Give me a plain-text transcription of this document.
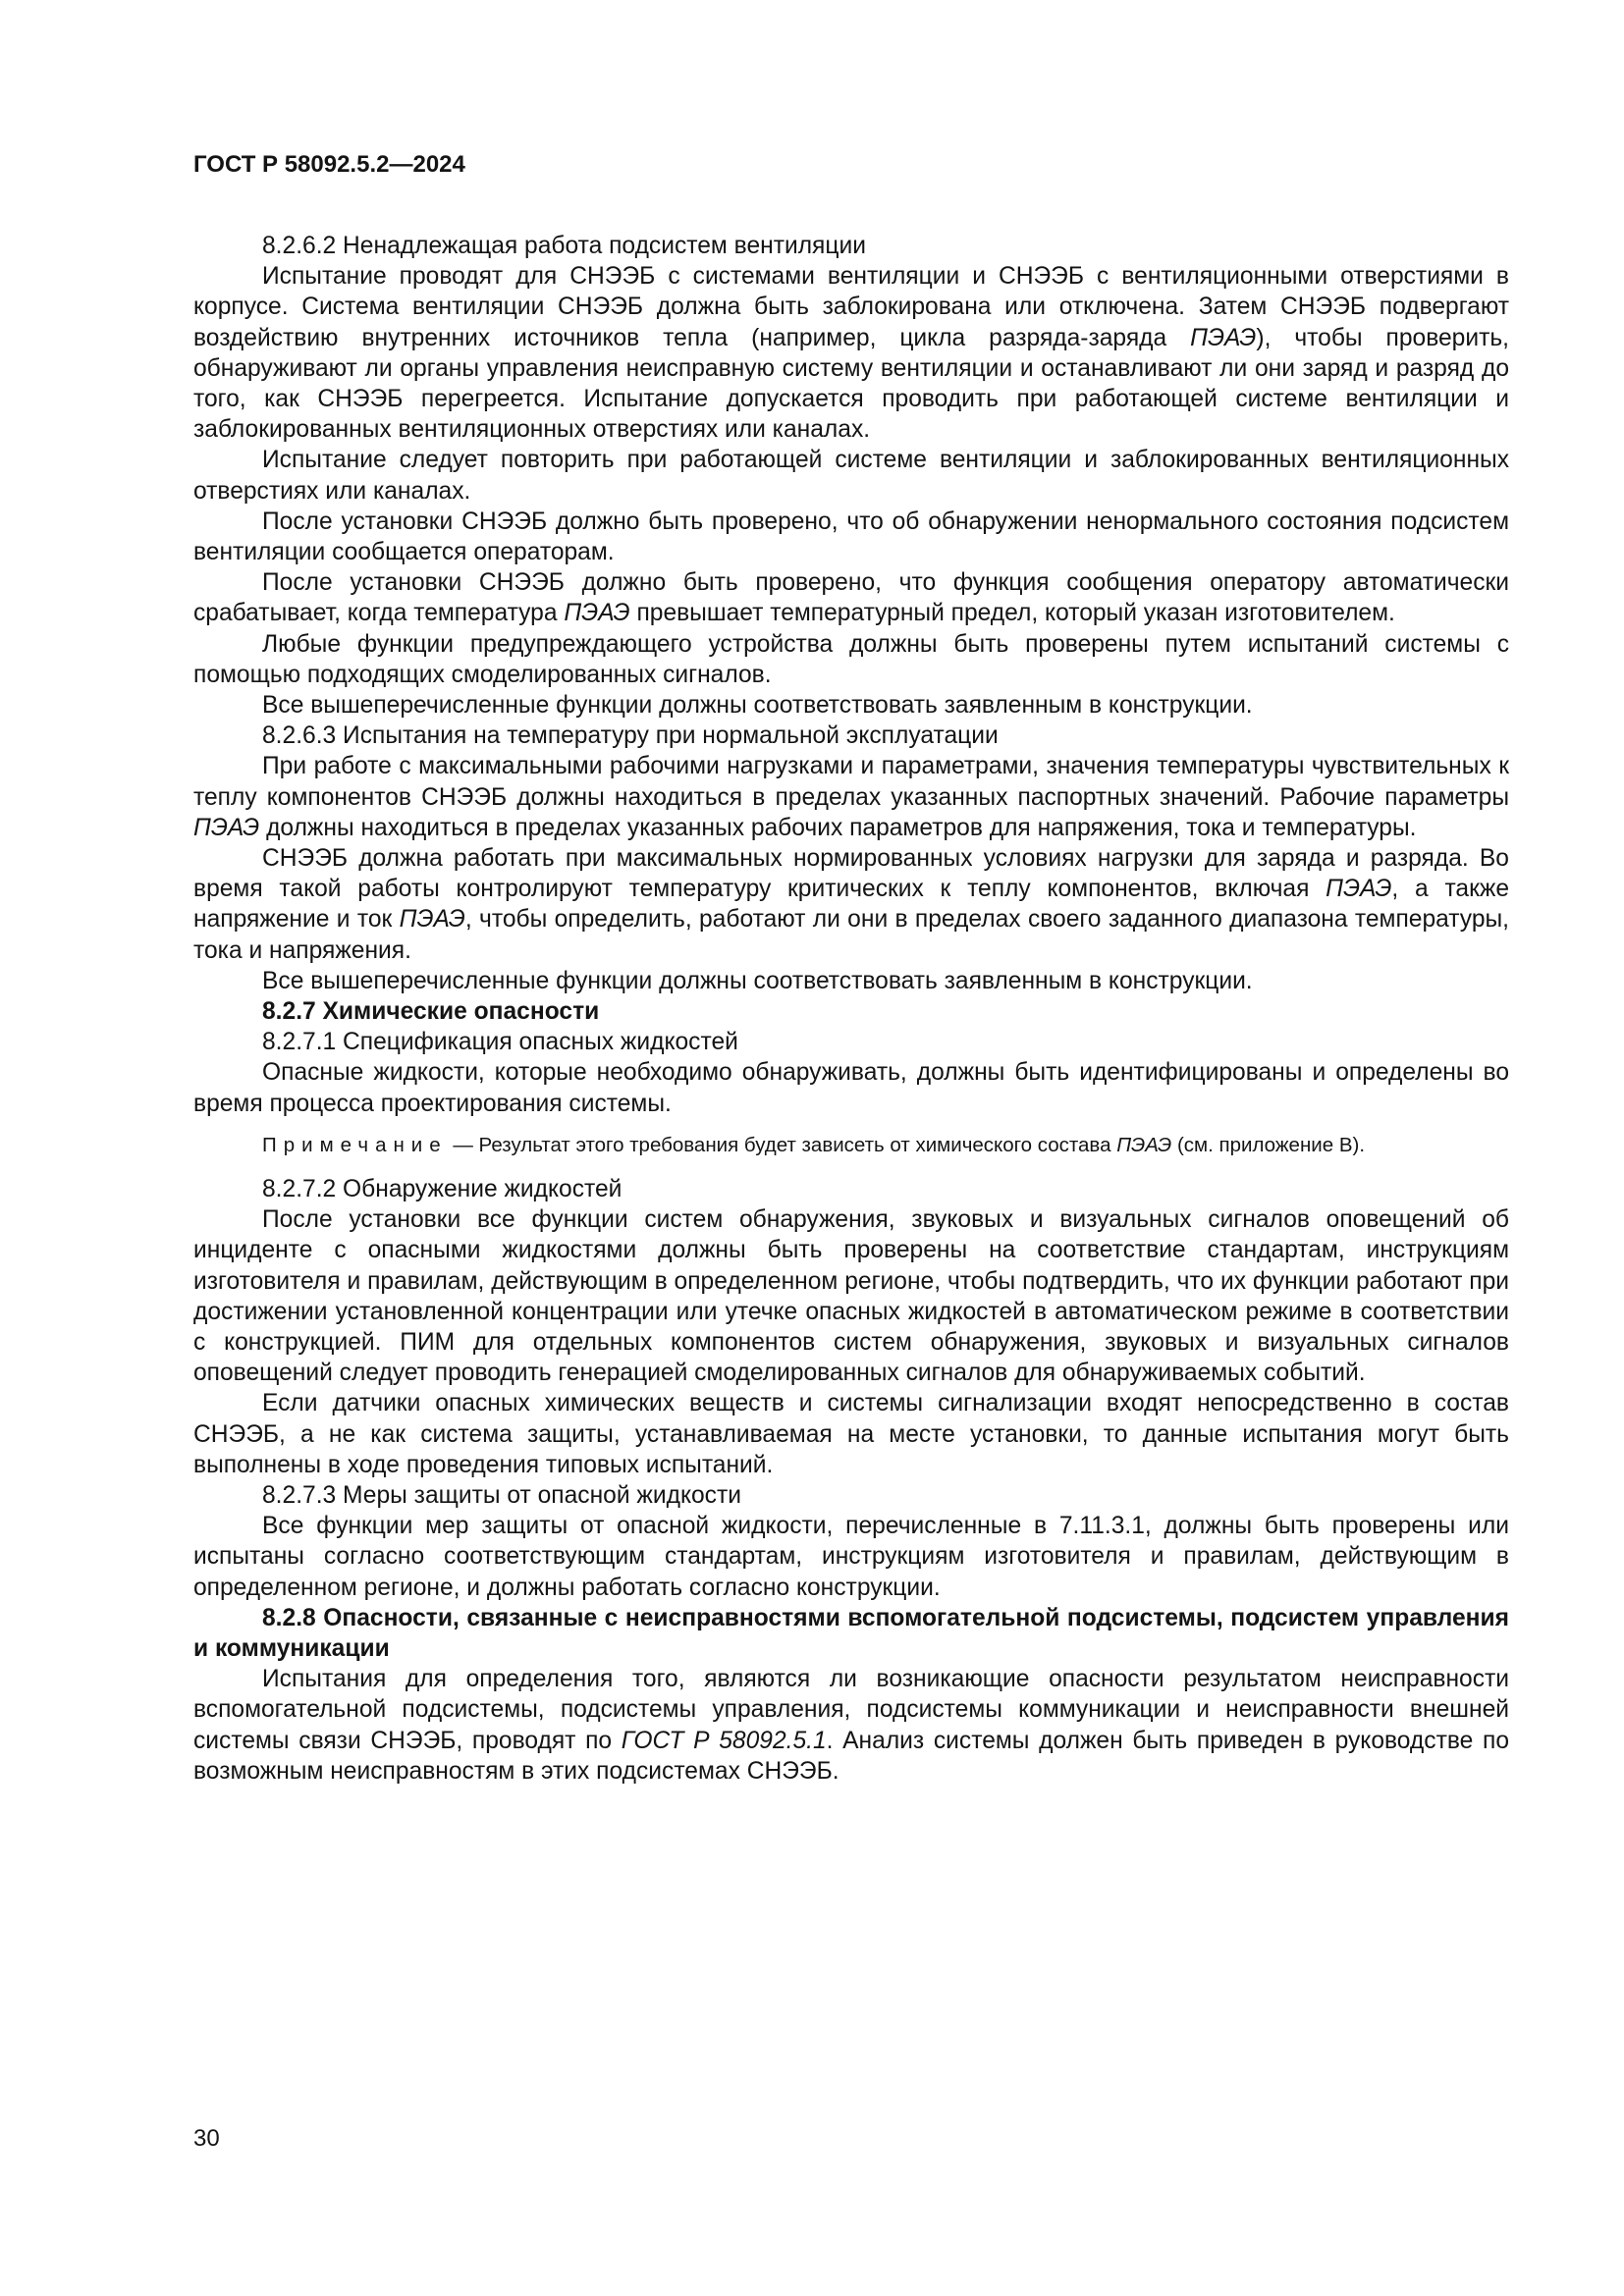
ГОСТ Р 58092.5.2—2024

8.2.6.2 Ненадлежащая работа подсистем вентиляции

Испытание проводят для СНЭЭБ с системами вентиляции и СНЭЭБ с вентиляционными отверстиями в корпусе. Система вентиляции СНЭЭБ должна быть заблокирована или отключена. Затем СНЭЭБ подвергают воздействию внутренних источников тепла (например, цикла разряда-заряда ПЭАЭ), чтобы проверить, обнаруживают ли органы управления неисправную систему вентиляции и останавливают ли они заряд и разряд до того, как СНЭЭБ перегреется. Испытание допускается проводить при работающей системе вентиляции и заблокированных вентиляционных отверстиях или каналах.

Испытание следует повторить при работающей системе вентиляции и заблокированных вентиляционных отверстиях или каналах.

После установки СНЭЭБ должно быть проверено, что об обнаружении ненормального состояния подсистем вентиляции сообщается операторам.

После установки СНЭЭБ должно быть проверено, что функция сообщения оператору автоматически срабатывает, когда температура ПЭАЭ превышает температурный предел, который указан изготовителем.

Любые функции предупреждающего устройства должны быть проверены путем испытаний системы с помощью подходящих смоделированных сигналов.

Все вышеперечисленные функции должны соответствовать заявленным в конструкции.

8.2.6.3 Испытания на температуру при нормальной эксплуатации

При работе с максимальными рабочими нагрузками и параметрами, значения температуры чувствительных к теплу компонентов СНЭЭБ должны находиться в пределах указанных паспортных значений. Рабочие параметры ПЭАЭ должны находиться в пределах указанных рабочих параметров для напряжения, тока и температуры.

СНЭЭБ должна работать при максимальных нормированных условиях нагрузки для заряда и разряда. Во время такой работы контролируют температуру критических к теплу компонентов, включая ПЭАЭ, а также напряжение и ток ПЭАЭ, чтобы определить, работают ли они в пределах своего заданного диапазона температуры, тока и напряжения.

Все вышеперечисленные функции должны соответствовать заявленным в конструкции.

8.2.7 Химические опасности

8.2.7.1 Спецификация опасных жидкостей

Опасные жидкости, которые необходимо обнаруживать, должны быть идентифицированы и определены во время процесса проектирования системы.

Примечание — Результат этого требования будет зависеть от химического состава ПЭАЭ (см. приложение В).

8.2.7.2 Обнаружение жидкостей

После установки все функции систем обнаружения, звуковых и визуальных сигналов оповещений об инциденте с опасными жидкостями должны быть проверены на соответствие стандартам, инструкциям изготовителя и правилам, действующим в определенном регионе, чтобы подтвердить, что их функции работают при достижении установленной концентрации или утечке опасных жидкостей в автоматическом режиме в соответствии с конструкцией. ПИМ для отдельных компонентов систем обнаружения, звуковых и визуальных сигналов оповещений следует проводить генерацией смоделированных сигналов для обнаруживаемых событий.

Если датчики опасных химических веществ и системы сигнализации входят непосредственно в состав СНЭЭБ, а не как система защиты, устанавливаемая на месте установки, то данные испытания могут быть выполнены в ходе проведения типовых испытаний.

8.2.7.3 Меры защиты от опасной жидкости

Все функции мер защиты от опасной жидкости, перечисленные в 7.11.3.1, должны быть проверены или испытаны согласно соответствующим стандартам, инструкциям изготовителя и правилам, действующим в определенном регионе, и должны работать согласно конструкции.

8.2.8 Опасности, связанные с неисправностями вспомогательной подсистемы, подсистем управления и коммуникации

Испытания для определения того, являются ли возникающие опасности результатом неисправности вспомогательной подсистемы, подсистемы управления, подсистемы коммуникации и неисправности внешней системы связи СНЭЭБ, проводят по ГОСТ Р 58092.5.1. Анализ системы должен быть приведен в руководстве по возможным неисправностям в этих подсистемах СНЭЭБ.

30
